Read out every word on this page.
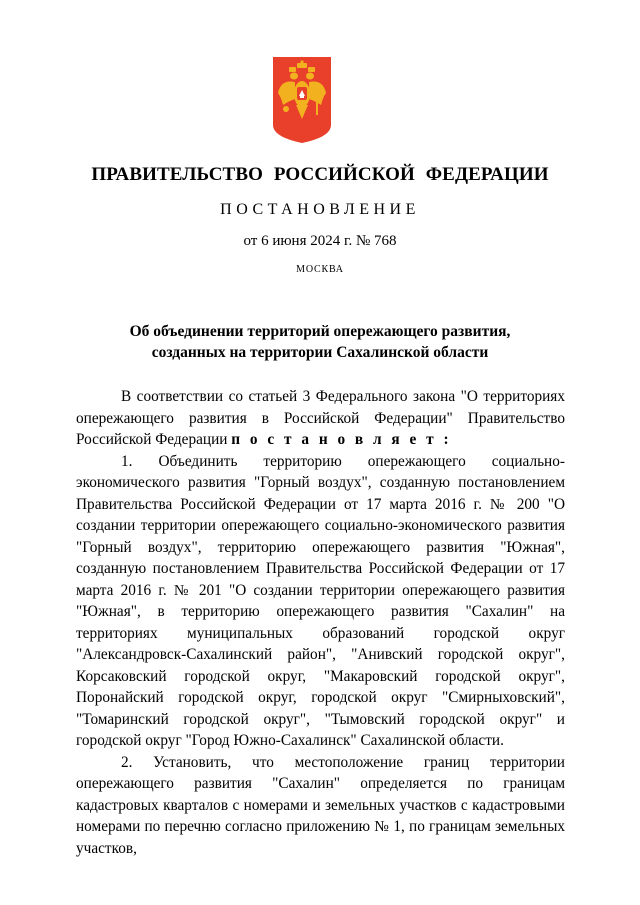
ПРАВИТЕЛЬСТВО РОССИЙСКОЙ ФЕДЕРАЦИИ
ПОСТАНОВЛЕНИЕ
от 6 июня 2024 г. № 768
МОСКВА
Об объединении территорий опережающего развития,
созданных на территории Сахалинской области

В соответствии со статьей 3 Федерального закона "О территориях опережающего развития в Российской Федерации" Правительство Российской Федерации п о с т а н о в л я е т :

1. Объединить территорию опережающего социально-экономического развития "Горный воздух", созданную постановлением Правительства Российской Федерации от 17 марта 2016 г. № 200 "О создании территории опережающего социально-экономического развития "Горный воздух", территорию опережающего развития "Южная", созданную постановлением Правительства Российской Федерации от 17 марта 2016 г. № 201 "О создании территории опережающего развития "Южная", в территорию опережающего развития "Сахалин" на территориях муниципальных образований городской округ "Александровск-Сахалинский район", "Анивский городской округ", Корсаковский городской округ, "Макаровский городской округ", Поронайский городской округ, городской округ "Смирныховский", "Томаринский городской округ", "Тымовский городской округ" и городской округ "Город Южно-Сахалинск" Сахалинской области.

2. Установить, что местоположение границ территории опережающего развития "Сахалин" определяется по границам кадастровых кварталов с номерами и земельных участков с кадастровыми номерами по перечню согласно приложению № 1, по границам земельных участков,
